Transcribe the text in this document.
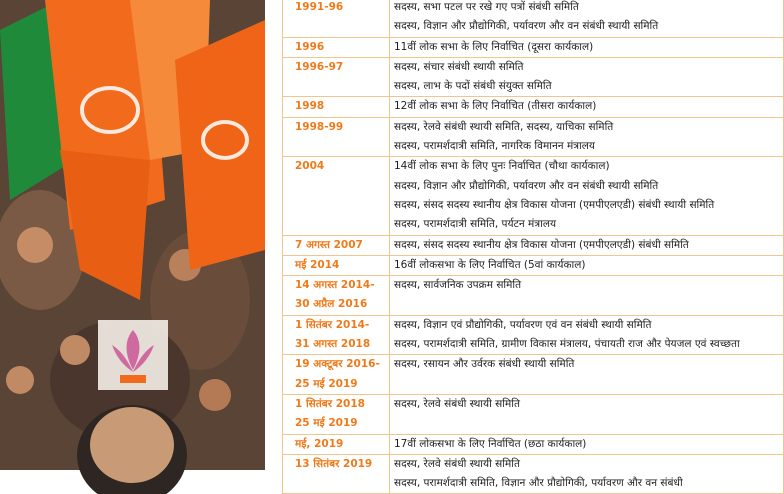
1991-96	सदस्य, सभा पटल पर रखे गए पत्रों संबंधी समिति
सदस्य, विज्ञान और प्रौद्योगिकी, पर्यावरण और वन संबंधी स्थायी समिति

1996	11वीं लोक सभा के लिए निर्वाचित (दूसरा कार्यकाल)

1996-97	सदस्य, संचार संबंधी स्थायी समिति
सदस्य, लाभ के पदों संबंधी संयुक्त समिति

1998	12वीं लोक सभा के लिए निर्वाचित (तीसरा कार्यकाल)

1998-99	सदस्य, रेलवे संबंधी स्थायी समिति, सदस्य, याचिका समिति
सदस्य, परामर्शदात्री समिति, नागरिक विमानन मंत्रालय

2004	14वीं लोक सभा के लिए पुनः निर्वाचित (चौथा कार्यकाल)
सदस्य, विज्ञान और प्रौद्योगिकी, पर्यावरण और वन संबंधी स्थायी समिति
सदस्य, संसद सदस्य स्थानीय क्षेत्र विकास योजना (एमपीएलएडी) संबंधी स्थायी समिति
सदस्य, परामर्शदात्री समिति, पर्यटन मंत्रालय

7 अगस्त 2007	सदस्य, संसद सदस्य स्थानीय क्षेत्र विकास योजना (एमपीएलएडी) संबंधी समिति

मई 2014	16वीं लोकसभा के लिए निर्वाचित (5वां कार्यकाल)

14 अगस्त 2014-
30 अप्रैल 2016	सदस्य, सार्वजनिक उपक्रम समिति

1 सितंबर 2014-
31 अगस्त 2018	सदस्य, विज्ञान एवं प्रौद्योगिकी, पर्यावरण एवं वन संबंधी स्थायी समिति
सदस्य, परामर्शदात्री समिति, ग्रामीण विकास मंत्रालय, पंचायती राज और पेयजल एवं स्वच्छता

19 अक्टूबर 2016-
25 मई 2019	सदस्य, रसायन और उर्वरक संबंधी स्थायी समिति

1 सितंबर 2018
25 मई 2019	सदस्य, रेलवे संबंधी स्थायी समिति

मई, 2019	17वीं लोकसभा के लिए निर्वाचित (छठा कार्यकाल)

13 सितंबर 2019	सदस्य, रेलवे संबंधी स्थायी समिति
सदस्य, परामर्शदात्री समिति, विज्ञान और प्रौद्योगिकी, पर्यावरण और वन संबंधी
